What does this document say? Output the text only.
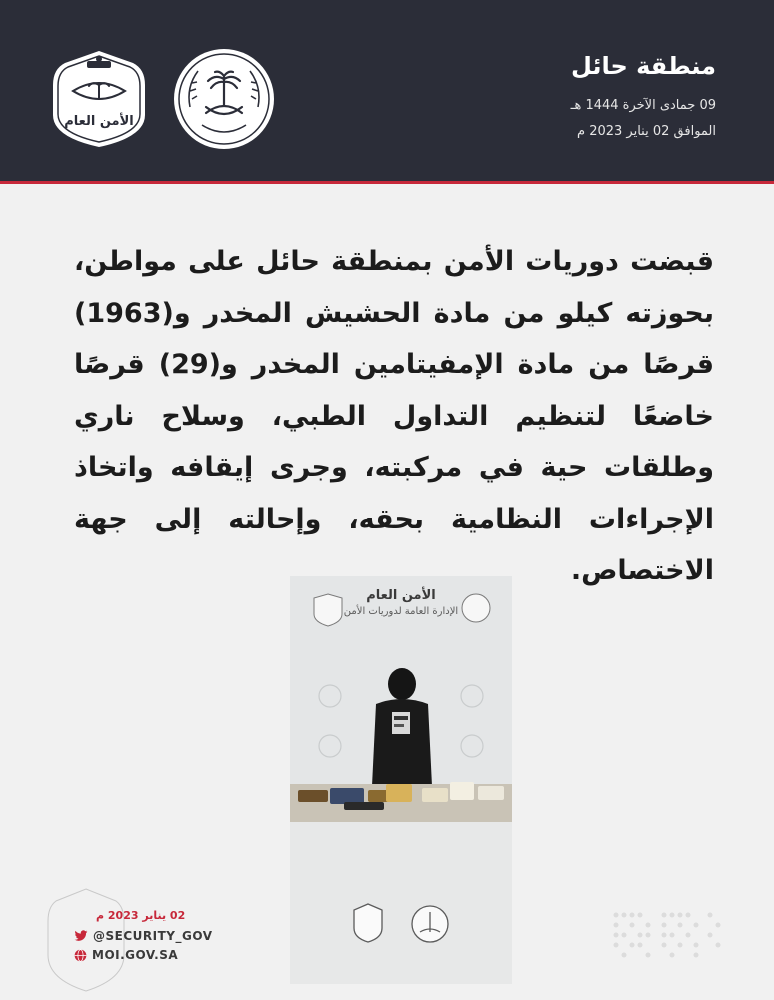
منطقة حائل
09 جمادى الآخرة 1444 هـ
الموافق 02 يناير 2023 م
الأمن العام
قبضت دوريات الأمن بمنطقة حائل على مواطن، بحوزته كيلو من مادة الحشيش المخدر و(1963) قرصًا من مادة الإمفيتامين المخدر و(29) قرصًا خاضعًا لتنظيم التداول الطبي، وسلاح ناري وطلقات حية في مركبته، وجرى إيقافه واتخاذ الإجراءات النظامية بحقه، وإحالته إلى جهة الاختصاص.
الأمن العام
الإدارة العامة لدوريات الأمن
02 يناير 2023 م
@SECURITY_GOV
MOI.GOV.SA
